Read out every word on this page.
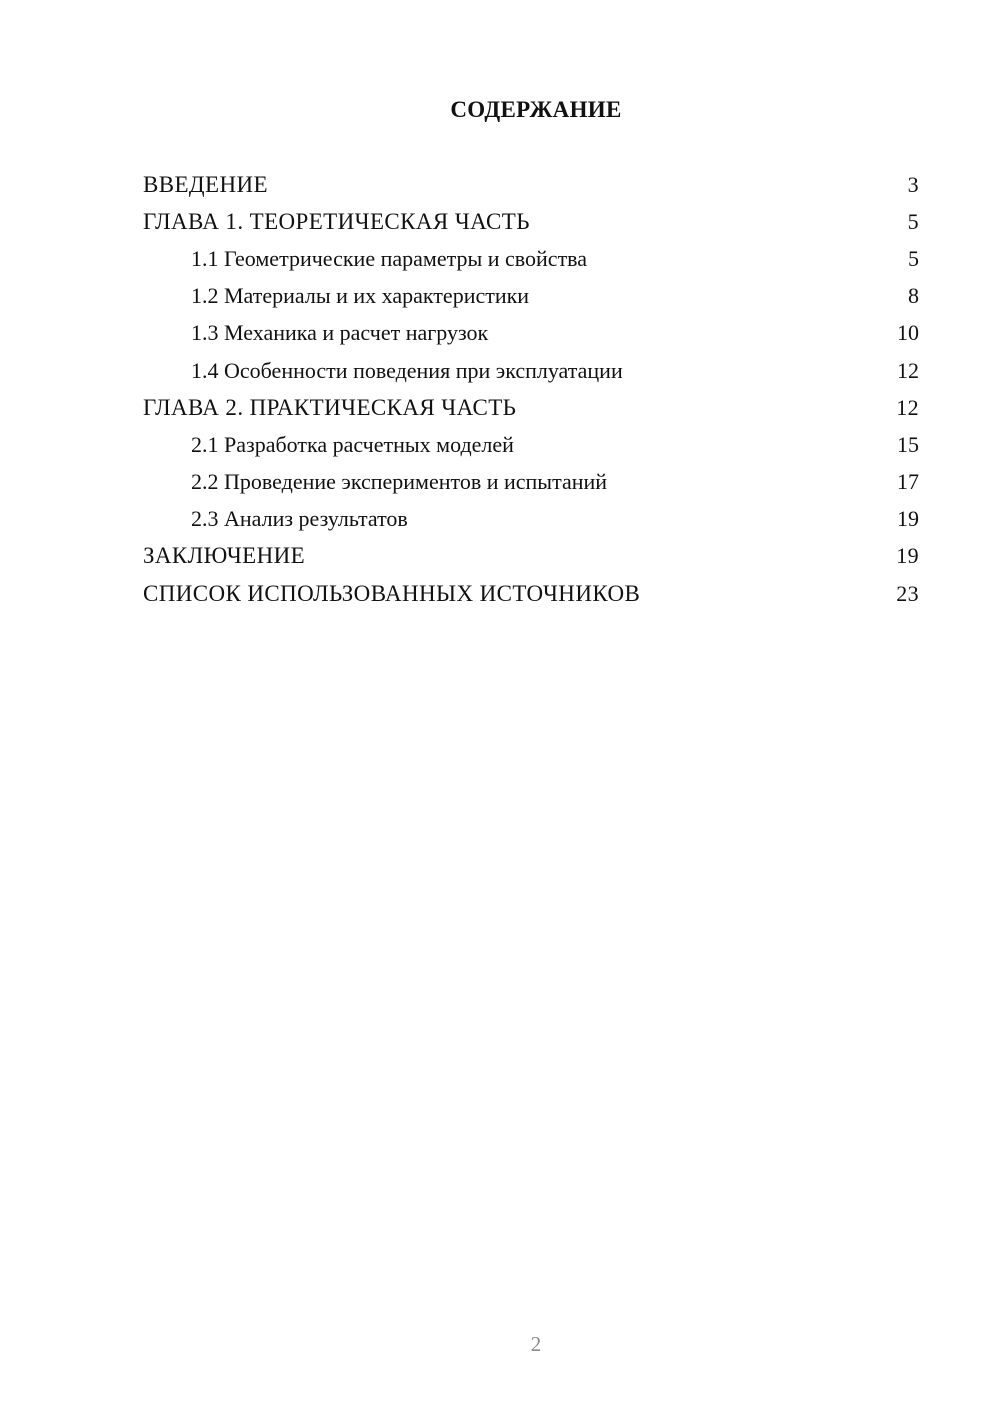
СОДЕРЖАНИЕ
ВВЕДЕНИЕ	3
ГЛАВА 1. ТЕОРЕТИЧЕСКАЯ ЧАСТЬ	5
1.1 Геометрические параметры и свойства	5
1.2 Материалы и их характеристики	8
1.3 Механика и расчет нагрузок	10
1.4 Особенности поведения при эксплуатации	12
ГЛАВА 2. ПРАКТИЧЕСКАЯ ЧАСТЬ	12
2.1 Разработка расчетных моделей	15
2.2 Проведение экспериментов и испытаний	17
2.3 Анализ результатов	19
ЗАКЛЮЧЕНИЕ	19
СПИСОК ИСПОЛЬЗОВАННЫХ ИСТОЧНИКОВ	23
2
